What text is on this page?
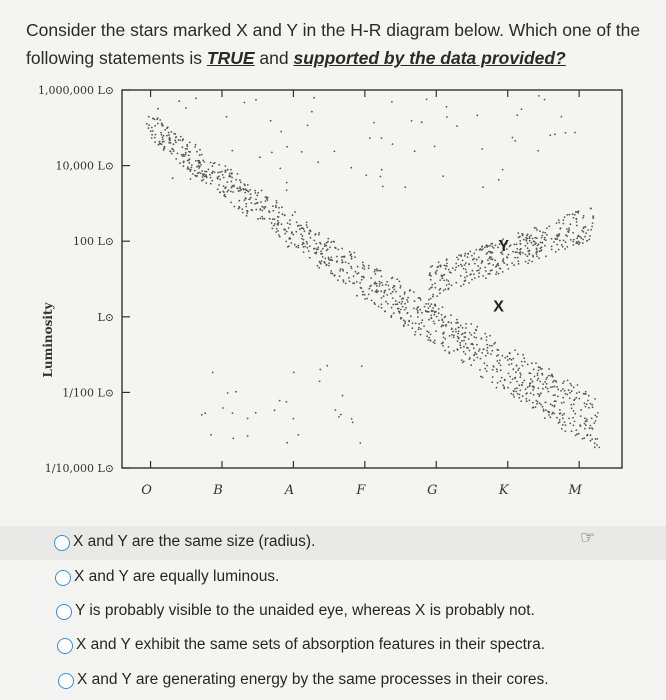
Consider the stars marked X and Y in the H-R diagram below. Which one of the following statements is TRUE and supported by the data provided?
1,000,000 L⊙
10,000 L⊙
100 L⊙
L⊙
1/100 L⊙
1/10,000 L⊙
O	B	A	F	G	K	M
Luminosity	X
Y
X and Y are the same size (radius).
X and Y are equally luminous.
Y is probably visible to the unaided eye, whereas X is probably not.
X and Y exhibit the same sets of absorption features in their spectra.
X and Y are generating energy by the same processes in their cores.
☞
